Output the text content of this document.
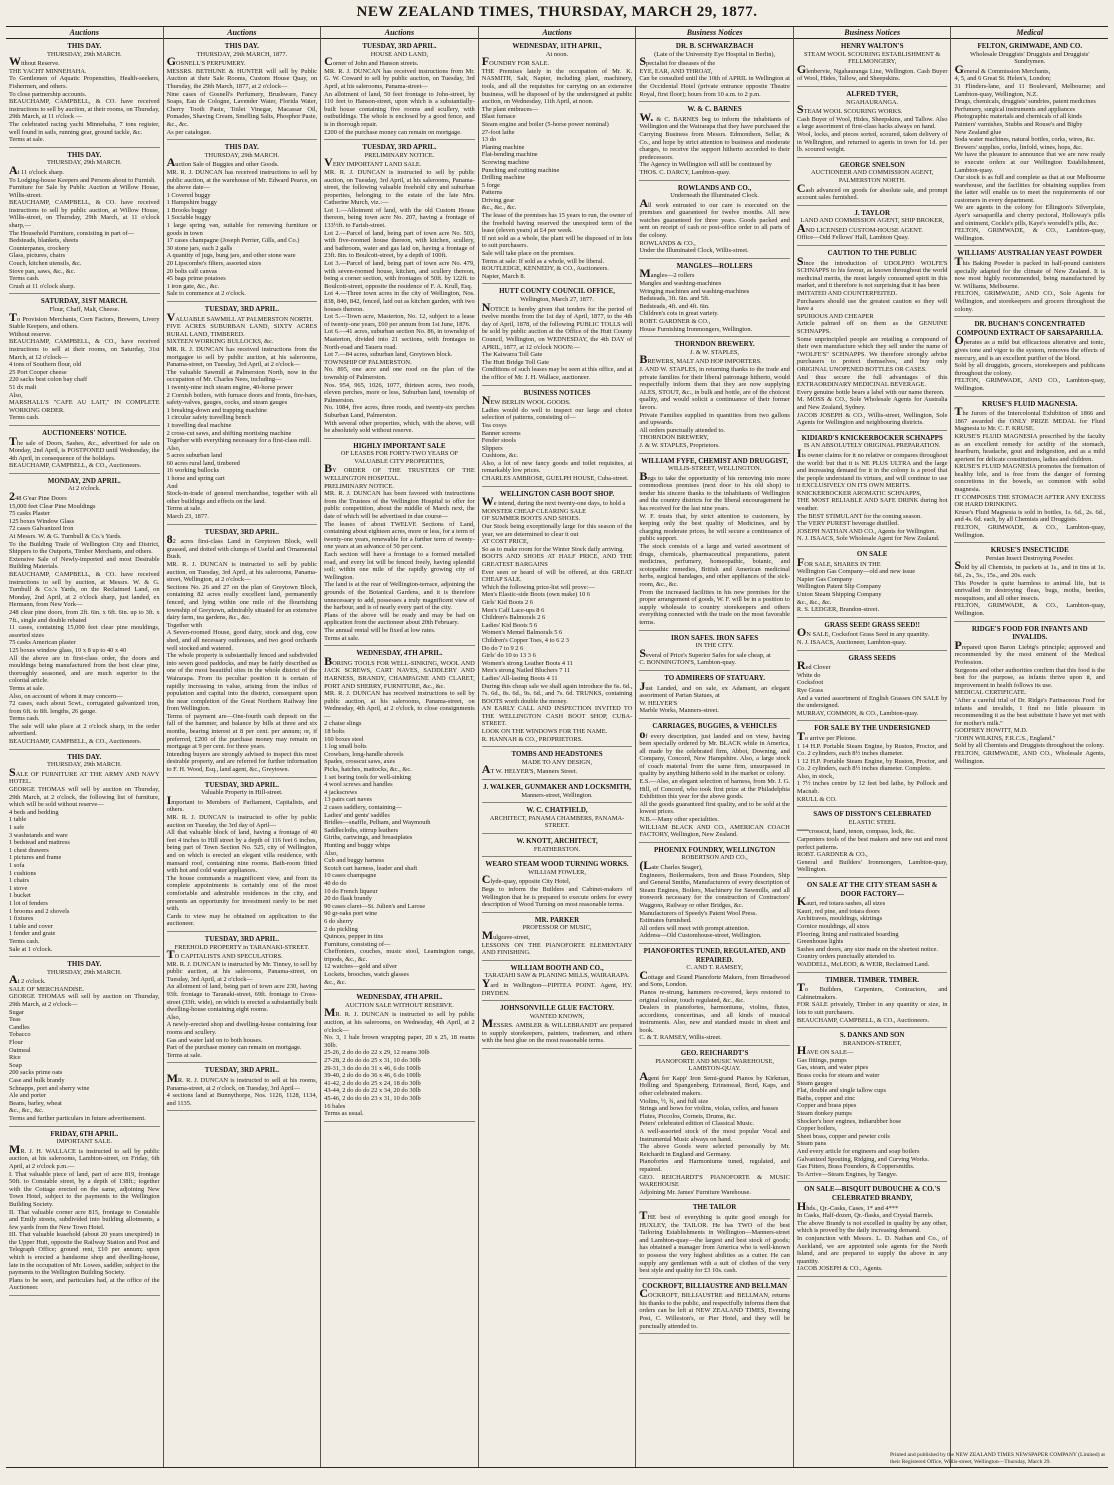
NEW ZEALAND TIMES, THURSDAY, MARCH 29, 1877.
Auctions
THIS DAY.
THURSDAY, 29th MARCH.
Without Reserve.
THE YACHT MINNEHAHA.
To Gentlemen of Aquatic Propensities, Health-seekers, Fishermen, and others.
To close partnership accounts.
BEAUCHAMP, CAMPBELL, & CO. have received instructions to sell by auction, at their rooms, on Thursday, 29th March, at 11 o'clock —
The celebrated racing yacht Minnehaha, 7 tons register, well found in sails, running gear, ground tackle, &c.
Terms at sale.
THIS DAY.
THURSDAY, 29th MARCH.
At 11 o'clock sharp.
To Lodging-house Keepers and Persons about to Furnish.
Furniture for Sale by Public Auction at Willow House, Willis-street.
BEAUCHAMP, CAMPBELL, & CO. have received instructions to sell by public auction, at Willow House, Willis-street, on Thursday, 29th March, at 11 o'clock sharp,—
The Household Furniture, consisting in part of—
Bedsteads, blankets, sheets
Counterpanes, crockery
Glass, pictures, chairs
Couch, kitchen utensils, &c.
Stove pan, saws, &c., &c.
Terms cash.
Crush at 11 o'clock sharp.
SATURDAY, 31ST MARCH.
Flour, Chaff, Malt, Cheese.
To Provision Merchants, Corn Factors, Brewers, Livery Stable Keepers, and others.
Without reserve.
BEAUCHAMP, CAMPBELL, & CO., have received instructions to sell at their rooms, on Saturday, 31st March, at 12 o'clock—
4 tons of Southern flour, old
25 Port Cooper cheese
220 sacks best colon bay chaff
51 dx malt
Also,
MARSHALL'S "CAFE AU LAIT," IN COMPLETE WORKING ORDER.
Terms cash.
AUCTIONEERS' NOTICE.
The sale of Doors, Sashes, &c., advertised for sale on Monday, 2nd April, is POSTPONED until Wednesday, the 4th April, in consequence of the holidays.
BEAUCHAMP, CAMPBELL, & CO., Auctioneers.
MONDAY, 2ND APRIL.
At 2 o'clock.
248 G'ear Pine Doors
15,000 feet Clear Pine Mouldings
75 casks Plaster
125 boxes Window Glass
72 cases Galvanized Iron
At Messrs. W. & G. Turnbull & Co.'s Yards.
To the Building Trade of Wellington City and District, Shippers to the Outports, Timber Merchants, and others.
Extensive Sale of Newly-imported and most Desirable Building Materials.
BEAUCHAMP, CAMPBELL, & CO. have received instructions to sell by auction, at Messrs. W. & G. Turnbull & Co.'s Yards, on the Reclaimed Land, on Monday, 2nd April, at 2 o'clock sharp, just landed, ex Hermann, from New York—
248 clear pine doors, from 2ft. 6in. x 6ft. 6in. up to 3ft. x 7ft., single and double rebated
11 cases, containing 15,000 feet clear pine mouldings, assorted sizes
75 casks American plaster
125 boxes window glass, 10 x 8 up to 40 x 40
All the above are in first-class order, the doors and mouldings being manufactured from the best clear pine, thoroughly seasoned, and are much superior to the colonial article.
Terms at sale.
Also, on account of whom it may concern—
72 cases, each about 5cwt., corrugated galvanized iron, from 6ft. to 8ft. lengths, 26 gauge.
Terms cash.
The sale will take place at 2 o'clock sharp, in the order advertised.
BEAUCHAMP, CAMPBELL, & CO., Auctioneers.
THIS DAY.
THURSDAY, 29th MARCH.
SALE OF FURNITURE AT THE ARMY AND NAVY HOTEL.
GEORGE THOMAS will sell by auction on Thursday, 29th March, at 2 o'clock, the following list of furniture, which will be sold without reserve—
4 beds and bedding
1 table
1 safe
3 washstands and ware
1 bedstead and mattress
1 chest drawers
1 pictures and frame
1 sofa
1 cushions
1 chairs
1 stove
1 bucket
1 lot of fenders
1 brooms and 2 shovels
1 fixtures
1 table and cover
1 fender and grate
Terms cash.
Sale at 1 o'clock.
THIS DAY.
THURSDAY, 29th MARCH.
At 2 o'clock.
SALE OF MERCHANDISE.
GEORGE THOMAS will sell by auction on Thursday, 29th March, at 2 o'clock—
Sugar
Teas
Candles
Tobacco
Flour
Oatmeal
Rice
Soap
200 sacks prime oats
Case and bulk brandy
Schnapps, port and sherry wine
Ale and porter
Beans, barley, wheat
&c., &c., &c.
Terms and further particulars in future advertisement.
FRIDAY, 6TH APRIL.
IMPORTANT SALE.
MR. J. H. WALLACE is instructed to sell by public auction, at his salerooms, Lambton-street, on Friday, 6th April, at 2 o'clock p.m.—
I. That valuable piece of land, part of acre 819, frontage 50ft. to Constable street, by a depth of 138ft.; together with the Cottage erected on the same, adjoining New Town Hotel, subject to the payments to the Wellington Building Society.
II. That valuable corner acre 815, frontage to Constable and Emily streets, subdivided into building allotments, a few yards from the New Town Hotel.
III. That valuable leasehold (about 20 years unexpired) in the Upper Hutt, opposite the Railway Station and Post and Telegraph Office; ground rent, £10 per annum; upon which is erected a handsome shop and dwelling-house, late in the occupation of Mr. Lowes, saddler, subject to the payments to the Wellington Building Society.
Plans to be seen, and particulars had, at the office of the Auctioneer.
Auctions
THIS DAY.
THURSDAY, 29th MARCH, 1877.
GOSNELL'S PERFUMERY.
MESSRS. BETHUNE & HUNTER will sell by Public Auction at their Sale Rooms, Custom House Quay, on Thursday, the 29th March, 1877, at 2 o'clock—
Nine cases of Gosnell's Perfumery, Brushware, Fancy Soaps, Eau de Cologne, Lavender Water, Florida Water, Cherry Tooth Paste, Toilet Vinegar, Macassar Oil, Pomades, Shaving Cream, Smelling Salts, Phosphor Paste, &c., &c.
As per catalogue.
THIS DAY.
THURSDAY, 29th MARCH.
Auction Sale of Buggies and other Goods.
MR. R. J. DUNCAN has received instructions to sell by public auction, at the warehouse of Mr. Edward Pearce, on the above date—
1 Covered buggy
1 Hampshire buggy
1 Brooks buggy
1 Sociable buggy
1 large spring van, suitable for removing furniture or goods in town
17 cases champagne (Joseph Perrier, Gills, and Co.)
30 stone jars, each 2 galls
A quantity of jugs, bung jars, and other stone ware
20 Lipscombe's filters, assorted sizes
20 bolts calf canvas
45 bags prime potatoes
1 iron gate, &c., &c.
Sale to commence at 2 o'clock.
TUESDAY, 3RD APRIL.
VALUABLE SAWMILL AT PALMERSTON NORTH.
FIVE ACRES SUBURBAN LAND, SIXTY ACRES RURAL LAND, TIMBERED.
SIXTEEN WORKING BULLOCKS, &c.
MR. R. J. DUNCAN has received instructions from the mortgagee to sell by public auction, at his salerooms, Panama-street, on Tuesday, 3rd April, at 2 o'clock—
The valuable Sawmill at Palmerston North, now in the occupation of Mr. Charles Nees, including—
1 twenty-nine inch steam engine, 40-horse power
2 Cornish boilers, with furnace doors and fronts, fire-bars, safety-valves, gauges, cocks, and steam gauges
1 breaking-down and trapping machine
1 circular safety travelling bench
1 travelling deal machine
2 cross-cut saws, and shifting mortising machine
Together with everything necessary for a first-class mill.
Also,
5 acres suburban land
60 acres rural land, timbered
16 working bullocks
1 horse and spring cart
And
Stock-in-trade of general merchandise, together with all other buildings and effects on the land.
Terms at sale.
March 23, 1877.
TUESDAY, 3RD APRIL.
82 acres first-class Land in Greytown Block, well grassed, and dotted with clumps of Useful and Ornamental Bush.
MR. R. J. DUNCAN is instructed to sell by public auction, on Tuesday, 3rd April, at his salerooms, Panama-street, Wellington, at 2 o'clock—
Sections No. 26 and 27 on the plan of Greytown Block, containing 82 acres really excellent land, permanently fenced, and lying within one mile of the flourishing township of Greytown, admirably situated for an extensive dairy farm, tea gardens, &c., &c.
Together with
A Seven-roomed House, good dairy, stock and dog, cow shed, and all necessary outhouses, and two good orchards well stocked and watered.
The whole property is substantially fenced and subdivided into seven good paddocks, and may be fairly described as one of the most beautiful sites in the whole district of the Wairarapa. From its peculiar position it is certain of rapidly increasing in value, arising from the influx of population and capital into the district, consequent upon the near completion of the Great Northern Railway line from Wellington.
Terms of payment are—One-fourth cash deposit on the fall of the hammer, and balance by bills at three and six months, bearing interest at 8 per cent. per annum; or, if preferred, £200 of the purchase money may remain on mortgage at 9 per cent. for three years.
Intending buyers are strongly advised to inspect this most desirable property, and are referred for further information to F. H. Wood, Esq., land agent, &c., Greytown.
TUESDAY, 3RD APRIL.
Valuable Property in Hill-street.
Important to Members of Parliament, Capitalists, and others.
MR. R. J. DUNCAN is instructed to offer by public auction on Tuesday, the 3rd day of April—
All that valuable block of land, having a frontage of 40 feet 4 inches to Hill street by a depth of 116 feet 6 inches, being part of Town Section No. 525, city of Wellington, and on which is erected an elegant villa residence, with mansard roof, containing nine rooms. Bath-room fitted with hot and cold water appliances.
The house commands a magnificent view, and from its complete appointments is certainly one of the most comfortable and admirable residences in the city, and presents an opportunity for investment rarely to be met with.
Cards to view may be obtained on application to the auctioneer.
TUESDAY, 3RD APRIL.
FREEHOLD PROPERTY in TARANAKI-STREET.
TO CAPITALISTS AND SPECULATORS.
MR. R. J. DUNCAN is instructed by Mr. Tinney, to sell by public auction, at his salerooms, Panama-street, on Tuesday, 3rd April, at 2 o'clock—
An allotment of land, being part of town acre 230, having 93ft. frontage to Taranaki-street, 69ft. frontage to Cross-street (33ft. wide), on which is erected a substantially built dwelling-house containing eight rooms.
Also,
A newly-erected shop and dwelling-house containing four rooms and scullery.
Gas and water laid on to both houses.
Part of the purchase money can remain on mortgage.
Terms at sale.
TUESDAY, 3RD APRIL.
MR. R. J. DUNCAN is instructed to sell at his rooms, Panama-street, at 2 o'clock, on Tuesday, 3rd April—
4 sections land at Bunnythorpe, Nos. 1126, 1128, 1134, and 1135.
Auctions
TUESDAY, 3RD APRIL.
HOUSE AND LAND,
Corner of John and Hanson streets.
MR. R. J. DUNCAN has received instructions from Mr. G. W. Coward to sell by public auction, on Tuesday, 3rd April, at his salerooms, Panama-street—
An allotment of land, 50 feet frontage to John-street, by 110 feet to Hanson-street, upon which is a substantially-built house containing five rooms and scullery, with outbuildings. The whole is enclosed by a good fence, and is in thorough repair.
£200 of the purchase money can remain on mortgage.
TUESDAY, 3RD APRIL.
PRELIMINARY NOTICE.
VERY IMPORTANT LAND SALE.
MR. R. J. DUNCAN is instructed to sell by public auction, on Tuesday, 3rd April, at his salerooms, Panama-street, the following valuable freehold city and suburban properties, belonging to the estate of the late Mrs. Catherine Murch, viz.:—
Lot 1.—Allotment of land, with the old Custom House thereon, being town acre No. 207, having a frontage of 133½ft. to Farish-street.
Lot 2.—Parcel of land, being part of town acre No. 503, with five-roomed house thereon, with kitchen, scullery, and bathroom, water and gas laid on, having a frontage of 23ft. 8in. to Boulcott-street, by a depth of 100ft.
Lot 3.—Parcel of land, being part of town acre No. 479, with seven-roomed house, kitchen, and scullery thereon, being a corner section, with frontages of 50ft. by 122ft. to Boulcott-street, opposite the residence of F. A. Krull, Esq.
Lot 4.—Three town acres in the city of Wellington, Nos. 838, 840, 842, fenced, laid out as kitchen garden, with two houses thereon.
Lot 5.—Town acre, Masterton, No. 12, subject to a lease of twenty-one years, £60 per annum from 1st June, 1876.
Lot 6.—41 acres, suburban section No. 86, in township of Masterton, divided into 21 sections, with frontages to North-road and Taueru road.
Lot 7.—84 acres, suburban land, Greytown block.
TOWNSHIP OF PALMERSTON.
No. 895, one acre and one rood on the plan of the township of Palmerston.
Nos. 954, 965, 1026, 1077, thirteen acres, two roods, eleven perches, more or less, Suburban land, township of Palmerston.
No. 1084, five acres, three roods, and twenty-six perches Suburban Land, Palmerston.
With several other properties, which, with the above, will be absolutely sold without reserve.
HIGHLY IMPORTANT SALE
OF LEASES FOR FORTY-TWO YEARS OF VALUABLE CITY PROPERTIES,
BY ORDER OF THE TRUSTEES OF THE WELLINGTON HOSPITAL.
PRELIMINARY NOTICE.
MR. R. J. DUNCAN has been favored with instructions from the Trustees of the Wellington Hospital to offer for public competition, about the middle of March next, the date of which will be advertised in due course—
The leases of about TWELVE Sections of Land, containing about eighteen acres, more or less, for a term of twenty-one years, renewable for a further term of twenty-one years at an advance of 50 per cent.
Each section will have a frontage to a formed metalled road, and every lot will be fenced freely, having splendid soil; within one mile of the rapidly growing city of Wellington.
The land is at the rear of Wellington-terrace, adjoining the grounds of the Botanical Gardens, and it is therefore unnecessary to add, possesses a truly magnificent view of the harbour, and is of nearly every part of the city.
Plans of the above will be ready and may be had on application from the auctioneer about 20th February.
The annual rental will be fixed at low rates.
Terms at sale.
WEDNESDAY, 4TH APRIL.
BORING TOOLS FOR WELL-SINKING, WOOL AND JACK SCREWS, CART NAVES, SADDLERY AND HARNESS, BRANDY, CHAMPAGNE AND CLARET, PORT AND SHERRY, FURNITURE, &c., &c.
MR. R. J. DUNCAN has received instructions to sell by public auction, at his salerooms, Panama-street, on Wednesday, 4th April, at 2 o'clock, to close consignments—
2 chaise slings
18 bolts
160 boxes steel
1 log small bolts
Crowbars, long-handle shovels
Spades, crosscut saws, axes
Picks, hatches, mattocks, &c., &c.
1 set boring tools for well-sinking
4 wool screws and handles
4 jackscrews
13 pairs cart naves
2 cases saddlery, containing—
Ladies' and gents' saddles
Bridles—snaffle, Pelham, and Waymouth
Saddlecloths, stirrup leathers
Girths, cartwings, and breastplates
Hunting and buggy whips
Also,
Cub and buggy harness
Scotch cart harness, leader and shaft
10 cases champagne
40 do do
10 do French liqueur
20 do flask brandy
90 cases claret—St. Julien's and Larose
90 gr-oaks port wine
6 do sherry
2 do pickling
Quinces, pepper in tins
Furniture, consisting of—
Cheffoniers, couches, music stool, Leamington range, tripods, &c., &c.
12 watches—gold and silver
Lockets, brooches, watch glasses
&c., &c.
WEDNESDAY, 4TH APRIL.
AUCTION SALE WITHOUT RESERVE.
MR. R. J. DUNCAN is instructed to sell by public auction, at his salerooms, on Wednesday, 4th April, at 2 o'clock—
No. 3, 1 bale brown wrapping paper, 20 x 25, 18 reams 30lb.
25-26, 2 do do do 22 x 29, 12 reams 30lb
27-28, 2 do do do 25 x 31, 10 do 30lb
29-31, 3 do do do 31 x 46, 6 do 100lb
39-40, 2 do do do 36 x 46, 6 do 100lb
41-42, 2 do do do 25 x 24, 18 do 30lb
43-44, 2 do do do 22 x 34, 20 do 30lb
45-46, 2 do do do 23 x 31, 10 do 30lb
16 bales
Terms as usual.
Auctions
WEDNESDAY, 11TH APRIL,
At noon.
FOUNDRY FOR SALE.
THE Premises lately in the occupation of Mr. K. NASMITH, Salt, Napier, including plant, machinery, tools, and all the requisites for carrying on an extensive business, will be disposed of by the undersigned at public auction, on Wednesday, 11th April, at noon.
The plant embraces—
Blast furnace
Steam engine and boiler (5-horse power nominal)
27-foot lathe
13 do
Planing machine
Flat-bending machine
Screwing machine
Punching and cutting machine
Drilling machine
5 forge
Patterns
Driving gear
&c., &c., &c.
The lease of the premises has 15 years to run, the owner of the freehold having reserved the unexpired term of the lease (eleven years) at £4 per week.
If not sold as a whole, the plant will be disposed of in lots to suit purchasers.
Sale will take place on the premises.
Terms at sale: If sold as a whole, will be liberal.
ROUTLEDGE, KENNEDY, & CO., Auctioneers.
Napier, March 8.
HUTT COUNTY COUNCIL OFFICE,
Wellington, March 27, 1877.
NOTICE is hereby given that tenders for the period of twelve months from the 1st day of April, 1877, to the 4th day of April, 1878, of the following PUBLIC TOLLS will be sold by public auction at the Office of the Hutt County Council, Wellington, on WEDNESDAY, the 4th DAY of APRIL, 1877, at 12 o'clock NOON:—
The Kaiwarra Toll Gate
The Hutt Bridge Toll Gate
Conditions of such leases may be seen at this office, and at the office of Mr. J. H. Wallace, auctioneer.
BUSINESS NOTICES
NEW BERLIN WOOL GOODS.
Ladies would do well to inspect our large and choice selection of patterns, consisting of—
Tea cosys
Banner screens
Fender stools
Slippers
Cushions, &c.
Also, a lot of new fancy goods and toilet requisites, at remarkably low prices.
CHARLES AMBROSE, GUELPH HOUSE, Cuba-street.
WELLINGTON CASH BOOT SHOP.
We intend, during the next twenty-one days, to hold a
MONSTER CHEAP CLEARING SALE
OF SUMMER BOOTS AND SHOES.
Our Stock being exceptionally large for this season of the year, we are determined to clear it out
AT COST PRICE,
So as to make room for the Winter Stock daily arriving.
BOOTS AND SHOES AT HALF PRICE, AND THE GREATEST BARGAINS
Ever seen or heard of will be offered, at this GREAT CHEAP SALE.
Which the following price-list will prove:—
Men's Elastic-side Boots (own make) 10 6
Girls' Kid Boots 2 6
Men's Calf Lace-ups 8 6
Children's Balmorals 2 6
Ladies' Kid Boots 5 6
Women's Memel Balmorals 5 6
Children's Copper Toes, 4 to 6 2 3
Do do 7 to 9 2 6
Girls' do 10 to 13 3 6
Women's strong Leather Boots 4 11
Men's strong Nailed Bluchers 7 11
Ladies' All-lasting Boots 4 11
During this cheap sale we shall again introduce the 6s. 6d., 7s. 6d., 8s. 6d., 9s. 6d., and 7s. 6d. TRUNKS, containing BOOTS worth double the money.
AN EARLY CALL AND INSPECTION INVITED TO THE WELLINGTON CASH BOOT SHOP, CUBA-STREET.
LOOK ON THE WINDOWS FOR THE NAME.
R. HANNAH & CO., PROPRIETORS.
TOMBS AND HEADSTONES
MADE TO ANY DESIGN,
AT W. HELYER'S, Manners Street.
J. WALKER, GUNMAKER AND LOCKSMITH,
Manners-street, Wellington.
W. C. CHATFIELD,
ARCHITECT, PANAMA CHAMBERS, PANAMA-STREET.
W. KNOTT, ARCHITECT,
FEATHERSTON.
WEARO STEAM WOOD TURNING WORKS.
WILLIAM FOWLER,
Clyde-quay, opposite City Hotel,
Begs to inform the Builders and Cabinet-makers of Wellington that he is prepared to execute orders for every description of Wood Turning on most reasonable terms.
MR. PARKER
PROFESSOR OF MUSIC,
Mulgrave-street,
LESSONS ON THE PIANOFORTE ELEMENTARY AND FINISHING.
WILLIAM BOOTH AND CO.,
TARATAHI SAW & PLANING MILLS, WAIRARAPA.
Yard in Wellington—PIPITEA POINT. Agent, HY. DRYDEN.
JOHNSONVILLE GLUE FACTORY.
WANTED KNOWN,
MESSRS. AMBLER & WILLEBRANDT are prepared to supply storekeepers, painters, tradesmen, and others with the best glue on the most reasonable terms.
Business Notices
DR. B. SCHWARZBACH
(Late of the University Eye Hospital in Berlin),
Specialist for diseases of the
EYE, EAR, AND THROAT,
Can be consulted until the 10th of APRIL in Wellington at the Occidental Hotel (private entrance opposite Theatre Royal, first floor); hours from 10 a.m. to 2 p.m.
W. & C. BARNES
W. & C. BARNES beg to inform the inhabitants of Wellington and the Wairarapa that they have purchased the Carrying Business from Messrs. Edmondson, Sellar, & Co., and hope by strict attention to business and moderate charges, to receive the support hitherto accorded to their predecessors.
The Agency in Wellington will still be continued by
THOS. C. DARCY, Lambton-quay.
ROWLANDS AND CO.,
Underneath the Illuminated Clock.
All work entrusted to our care is executed on the premises and guaranteed for twelve months. All new watches guaranteed for three years. Goods packed and sent on receipt of cash or post-office order to all parts of the colony.
ROWLANDS & CO.,
Under the Illuminated Clock, Willis-street.
MANGLES—ROLLERS
Mangles—2 rollers
Mangles and washing-machines
Wringing machines and washing-machines
Bedsteads, 3ft. 6in. and 5ft.
Bedsteads, 4ft. and 4ft. 6in.
Children's cots in great variety.
ROBT. GARDNER & CO.,
House Furnishing Ironmongers, Wellington.
THORNDON BREWERY.
J. & W. STAPLES,
BREWERS, MALT AND HOP IMPORTERS.
J. AND W. STAPLES, in returning thanks to the trade and private families for their liberal patronage hitherto, would respectfully inform them that they are now supplying ALES, STOUT, &c., in bulk and bottle, are of the choicest quality, and would solicit a continuance of their former favors.
Private Families supplied in quantities from two gallons and upwards.
All orders punctually attended to.
THORNDON BREWERY,
J. & W. STAPLES, Proprietors.
WILLIAM FYFE, CHEMIST AND DRUGGIST,
WILLIS-STREET, WELLINGTON.
Begs to take the opportunity of his removing into more commodious premises (next door to his old shop) to tender his sincere thanks to the inhabitants of Wellington and the country districts for the liberal encouragement he has received for the last nine years.
W. F. trusts that, by strict attention to customers, by keeping only the best quality of Medicines, and by charging moderate prices, he will secure a continuance of public support.
The stock consists of a large and varied assortment of drugs, chemicals, pharmaceutical preparations, patent medicines, perfumery, homeopathic, botanic, and scotopathic remedies, British and American medicinal herbs, surgical bandages, and other appliances of the sick-room, &c., &c.
From the increased facilities in his new premises for the proper arrangement of goods, W. F. will be in a position to supply wholesale to country storekeepers and others everything connected with the trade on the most favorable terms.
IRON SAFES. IRON SAFES
IN THE CITY.
Several of Price's Superior Safes for sale cheap, at
C. BONNINGTON'S, Lambton-quay.
TO ADMIRERS OF STATUARY.
Just Landed, and on sale, ex Adamant, an elegant assortment of Parian Statues, at
W. HELYER'S
Marble Works, Manners-street.
CARRIAGES, BUGGIES, & VEHICLES
of every description, just landed and on view, having been specially ordered by Mr. BLACK while in America, all made by the celebrated firm, Abbot, Downing, and Company, Concord, New Hampshire. Also, a large stock of coach material from the same firm, unsurpassed in quality by anything hitherto sold in the market or colony.
E.S.—Also, an elegant selection of harness, from Mr. J. G. Hill, of Concord, who took first prize at the Philadelphia Exhibition this year for the above goods.
All the goods guaranteed first quality, and to be sold at the lowest prices.
N.B.—Many other specialities.
WILLIAM BLACK AND CO., AMERICAN COACH FACTORY, Wellington, New Zealand.
PHOENIX FOUNDRY, WELLINGTON
ROBERTSON AND CO.,
(Late Charles Seager),
Engineers, Boilermakers, Iron and Brass Founders, Ship and General Smiths, Manufacturers of every description of Steam Engines, Boilers, Machinery for Sawmills, and all ironwork necessary for the construction of Contractors' Waggons, Railway or other Bridges, &c.
Manufacturers of Speedy's Patent Wool Press.
Estimates furnished.
All orders will meet with prompt attention.
Address—Old Customhouse-street, Wellington.
PIANOFORTES TUNED, REGULATED, AND REPAIRED.
C. AND T. RAMSEY,
Cottage and Grand Pianoforte Makers, from Broadwood and Sons, London.
Pianos re-strung, hammers re-covered, keys restored to original colour, touch regulated, &c., &c.
Dealers in pianofortes, harmoniums, violins, flutes, accordions, concertinas, and all kinds of musical instruments. Also, new and standard music in sheet and book.
C. & T. RAMSEY, Willis-street.
GEO. REICHARDT'S
PIANOFORTE AND MUSIC WAREHOUSE, LAMBTON-QUAY.
Agent for Kapp' Iron Semi-grand Pianos by Kirkman, Holling and Spangenberg, Erinsmead, Bord, Kaps, and other celebrated makers.
Violins, ½, ¾, and full size
Strings and bows for violins, violas, cellos, and basses
Flutes, Piccolos, Cornets, Drums, &c.
Peters' celebrated edition of Classical Music.
A well-assorted stock of the most popular Vocal and Instrumental Music always on hand.
The above Goods were selected personally by Mr. Reichardt in England and Germany.
Pianofortes and Harmoniums tuned, regulated, and repaired.
GEO. REICHARDT'S PIANOFORTE & MUSIC WAREHOUSE
Adjoining Mr. James' Furniture Warehouse.
THE TAILOR
THE best of everything is quite good enough for HUXLEY, the TAILOR. He has TWO of the best Tailoring Establishments in Wellington—Manners-street and Lambton-quay—the largest and best stock of goods; has obtained a manager from America who is well-known to possess the very highest abilities as a cutter. He can supply any gentleman with a suit of clothes of the very best style and quality for £3 10s. cash.
COCKROFT, BILLIAUSTRE AND BELLMAN
COCKROFT, BILLIAUSTRE and BELLMAN, returns his thanks to the public, and respectfully informs them that orders can be left at NEW ZEALAND TIMES, Evening Post, C. Willeston's, or Pier Hotel, and they will be punctually attended to.
Business Notices
HENRY WALTON'S
STEAM WOOL SCOURING ESTABLISHMENT & FELLMONGERY,
Glenbervie, Ngahauranga Line, Wellington. Cash Buyer of Wool, Hides, Tallow, and Sheepskins.
ALFRED TYER,
NGAHAURANGA.
STEAM WOOL SCOURING WORKS.
Cash Buyer of Wool, Hides, Sheepskins, and Tallow. Also a large assortment of first-class hacks always on hand.
Wool, locks, and pieces sorted, scoured, taken delivery of in Wellington, and returned to agents in town for 1d. per lb. scoured weight.
GEORGE SNELSON
AUCTIONEER AND COMMISSION AGENT, PALMERSTON NORTH.
Cash advanced on goods for absolute sale, and prompt account sales furnished.
J. TAYLOR
LAND AND COMMISSION AGENT, SHIP BROKER,
AND LICENSED CUSTOM-HOUSE AGENT.
Office—Odd Fellows' Hall, Lambton Quay.
CAUTION TO THE PUBLIC
Since the introduction of UDOLPHO WOLFE'S SCHNAPPS to his favour, as known throughout the world medicinal merits, the most largely consumed spirit in this market, and it therefore is not surprising that it has been
IMITATED AND COUNTERFEITED.
Purchasers should use the greatest caution so they will have a
SPURIOUS AND CHEAPER
Article palmed off on them as the GENUINE SCHNAPPS.
Some unprincipled people are retailing a compound of their own manufacture which they sell under the name of "WOLFE'S" SCHNAPPS. We therefore strongly advise purchasers to protect themselves, and buy only ORIGINAL UNOPENED BOTTLES OR CASES.
And thus secure the full advantages of this EXTRAORDINARY MEDICINAL BEVERAGE.
Every genuine bottle bears a label with our name thereon.
M. MOSS & CO., Sole Wholesale Agents for Australia and New Zealand, Sydney.
JACOB JOSEPH & CO., Willis-street, Wellington, Sole Agents for Wellington and neighbouring districts.
KIDIARD'S KNICKERBOCKER SCHNAPPS
IS AN ABSOLUTELY ORIGINAL PREPARATION.
Its owner claims for it no relative or compares throughout the world: but that it is NE PLUS ULTRA and the large and increasing demand for it in the colony is a proof that the people understand its virtues, and will continue to use it EXCLUSIVELY ON ITS OWN MERITS.
KNICKERBOCKER AROMATIC SCHNAPPS,
THE MOST RELIABLE AND SAFE DRINK during hot weather.
The BEST STIMULANT for the coming season.
The VERY PUREST beverage distilled.
JOSEPH NATHAN AND CO., Agents for Wellington.
N. J. ISAACS, Sole Wholesale Agent for New Zealand.
ON SALE
FOR SALE, SHARES IN THE
Wellington Gas Company—old and new issue
Napier Gas Company
Wellington Patent Slip Company
Union Steam Shipping Company
&c., &c., &c.
R. S. LEDGER, Brandon-street.
GRASS SEED! GRASS SEED!!
ON SALE, Cocksfoot Grass Seed in any quantity.
N. J. ISAACS, Auctioneer, Lambton-quay.
GRASS SEEDS
Red Clover
White do
Cocksfoot
Rye Grass
And a varied assortment of English Grasses ON SALE by the undersigned.
MURRAY, COMMON, & CO., Lambton-quay.
FOR SALE BY THE UNDERSIGNED
To arrive per Pleione.
1 14 H.P. Portable Steam Engine, by Ruston, Proctor, and Co. 2 cylinders, each 8½ inches diameter.
1 12 H.P. Portable Steam Engine, by Ruston, Proctor, and Co. 2 cylinders, each 8½ inches diameter. Complete.
Also, in stock,
1 7½ inches centre by 12 feet bed lathe, by Pollock and Macnab.
KRULL & CO.
SAWS OF DISSTON'S CELEBRATED
ELASTIC STEEL
—crosscut, hand, tenon, compass, lock, &c.
Carpenters tools of the best makers and new out and most perfect patterns.
ROBT. GARDNER & CO.,
General and Builders' Ironmongers, Lambton-quay, Wellington.
ON SALE AT THE CITY STEAM SASH & DOOR FACTORY—
Kauri, red totara sashes, all sizes
Kauri, red pine, and totara doors
Architraves, mouldings, skirtings
Cornice mouldings, all sizes
Flooring, lining and rusticated boarding
Greenhouse lights
Sashes and doors, any size made on the shortest notice.
Country orders punctually attended to.
WADDELL, McLEOD, & WEIR, Reclaimed Land.
TIMBER. TIMBER. TIMBER.
To Builders, Carpenters, Contractors, and Cabinetmakers.
FOR SALE privately, Timber in any quantity or size, in lots to suit purchasers.
BEAUCHAMP, CAMPBELL, & CO., Auctioneers.
S. DANKS AND SON
BRANDON-STREET,
HAVE ON SALE—
Gas fittings, pumps
Gas, steam, and water pipes
Brass cocks for steam and water
Steam gauges
Flat, double and single tallow cups
Baths, copper and zinc
Copper and brass pipes
Steam donkey pumps
Shocker's beer engines, indiarubber hose
Copper boilers,
Sheet brass, copper and pewter coils
Steam pans
And every article for engineers and soap boilers
Galvanized Spouting, Ridging, and Curving Works.
Gas Fitters, Brass Founders, & Coppersmiths.
To Arrive—Steam Engines, by Tangye.
ON SALE—BISQUIT DUBOUCHE & CO.'S CELEBRATED BRANDY,
Hhds., Qr.-Casks, Cases, 1* and 4***
In Casks, Half-dozen, Qr.-flasks, and Crystal Barrels.
The above Brandy is not excelled in quality by any other, which is proved by the daily increasing demand.
In conjunction with Messrs. L. D. Nathan and Co., of Auckland, we are appointed sole agents for the North Island, and are prepared to supply the above in any quantity.
JACOB JOSEPH & CO., Agents.
Medical
FELTON, GRIMWADE, AND CO.
Wholesale Druggists' Druggists and Druggists' Sundrymen.
General & Commission Merchants,
4, 5, and 6 Great St. Helen's, London;
31 Flinders-lane, and 11 Boulevard, Melbourne; and Lambton-quay, Wellington, N.Z.
Drugs, chemicals, druggists' sundries, patent medicines
Perfumery, surgical instruments and appliances
Photographic materials and chemicals of all kinds
Painters' varnishes, Stubbs and Rouse's and Bigby
New Zealand glue
Soda water machines, natural bottles, corks, wires, &c.
Brewers' supplies, corks, linfold, wines, hops, &c.
We have the pleasure to announce that we are now ready to execute orders at our Wellington Establishment, Lambton-quay.
Our stock is as full and complete as that at our Melbourne warehouse, and the facilities for obtaining supplies from the latter will enable us to meet the requirements of our customers in every department.
We are agents in the colony for Ellington's Silverplate, Ayer's sarsaparilla and cherry pectoral, Holloway's pills and ointment, Cockle's pills, Kaye's worsdell's pills, &c.
FELTON, GRIMWADE, & CO., Lambton-quay, Wellington.
WILLIAMS' AUSTRALIAN YEAST POWDER
This Baking Powder is packed in half-pound canisters specially adapted for the climate of New Zealand. It is now most highly recommended, being manufactured by W. Williams, Melbourne.
FELTON, GRIMWADE, AND CO., Sole Agents for Wellington, and storekeepers and grocers throughout the colony.
DR. BUCHAN'S CONCENTRATED COMPOUND EXTRACT OF SARSAPARILLA.
Operates as a mild but efficacious alterative and tonic, gives tone and vigor to the system, removes the effects of mercury, and is an excellent purifier of the blood.
Sold by all druggists, grocers, storekeepers and publicans throughout the colony.
FELTON, GRIMWADE, AND CO., Lambton-quay, Wellington.
KRUSE'S FLUID MAGNESIA.
The Jurors of the Intercolonial Exhibition of 1866 and 1867 awarded the ONLY PRIZE MEDAL for Fluid Magnesia to Mr. C. F. KRUSE.
KRUSE'S FLUID MAGNESIA prescribed by the faculty as an excellent remedy for acidity of the stomach, heartburn, headache, gout and indigestion, and as a mild aperient for delicate constitutions, ladies and children.
KRUSE'S FLUID MAGNESIA promotes the formation of healthy bile, and is free from the danger of forming concretions in the bowels, so common with solid magnesia.
IT COMPOSES THE STOMACH AFTER ANY EXCESS OR HARD DRINKING.
Kruse's Fluid Magnesia is sold in bottles, 1s. 6d., 2s. 6d., and 4s. 6d. each, by all Chemists and Druggists.
FELTON, GRIMWADE, & CO., Lambton-quay, Wellington.
KRUSE'S INSECTICIDE
Persian Insect Destroying Powder.
Sold by all Chemists, in packets at 1s., and in tins at 1s. 6d., 2s., 5s., 15s., and 20s. each.
This Powder is quite harmless to animal life, but is unrivalled in destroying fleas, bugs, moths, beetles, mosquitoes, and all other insects.
FELTON, GRIMWADE, & CO., Lambton-quay, Wellington.
RIDGE'S FOOD FOR INFANTS AND INVALIDS.
Prepared upon Baron Liebig's principle; approved and recommended by the most eminent of the Medical Profession.
Surgeons and other authorities confirm that this food is the best for the purpose, as infants thrive upon it, and improvement in health follows its use.
MEDICAL CERTIFICATE.
"After a careful trial of Dr. Ridge's Farinaceous Food for infants and invalids, I find no little pleasure in recommending it as the best substitute I have yet met with for mother's milk."
GODFREY HOWITT, M.D.
"JOHN WILKINS, F.R.C.S., England."
Sold by all Chemists and Druggists throughout the colony.
FELTON, GRIMWADE, AND CO., Wholesale Agents, Wellington.
Printed and published by the NEW ZEALAND TIMES NEWSPAPER COMPANY (Limited) at their Registered Office, Willis-street, Wellington—Thursday, March 29.
